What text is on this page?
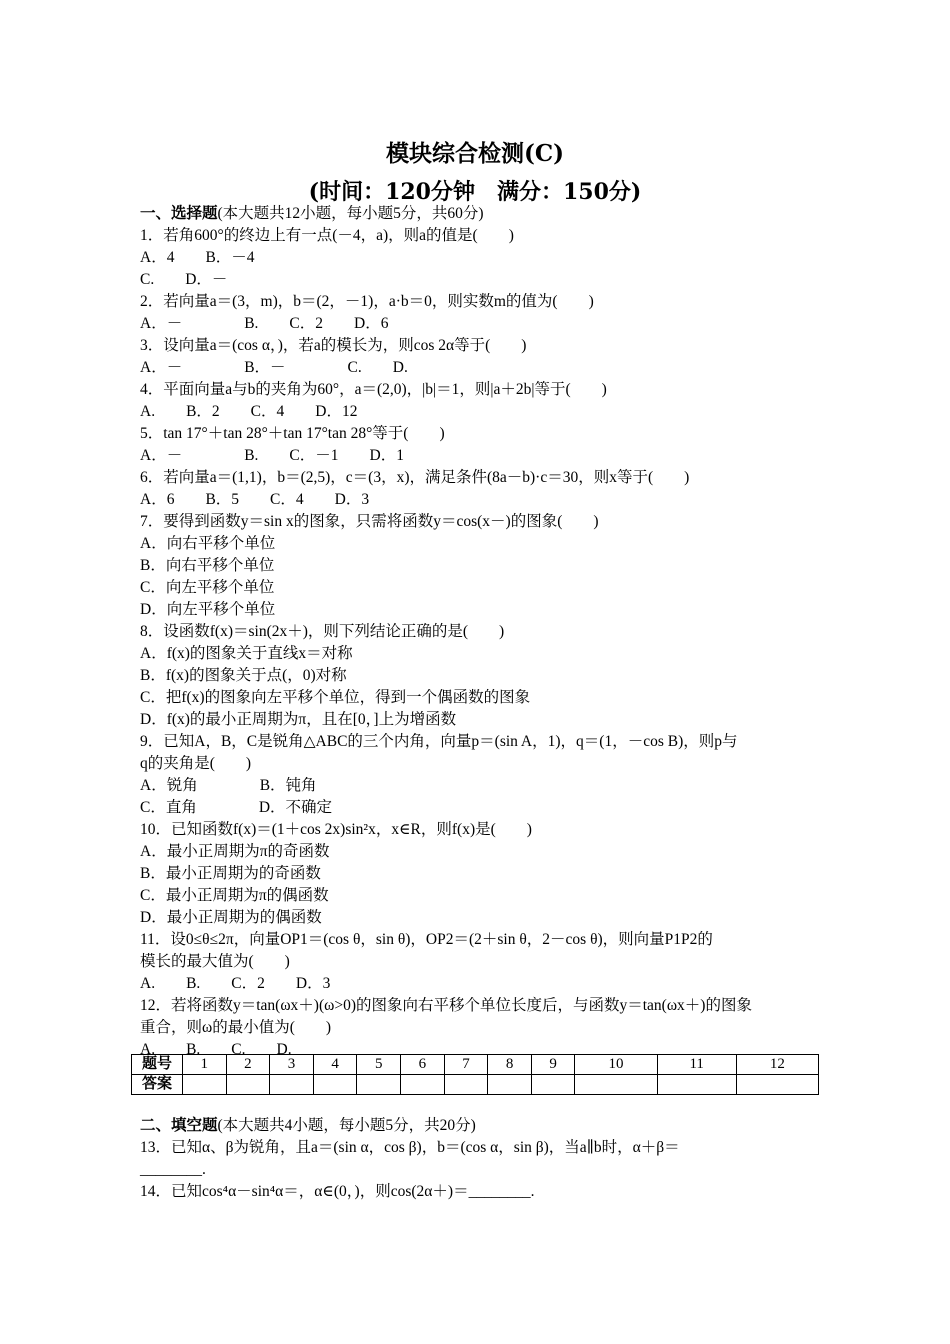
模块综合检测(C)
(时间：120分钟　满分：150分)
一、选择题(本大题共12小题，每小题5分，共60分)
1．若角600°的终边上有一点(－4，a)，则a的值是(　　)
A．4　　B．－4
C.　　D．－
2．若向量a＝(3，m)，b＝(2，－1)，a·b＝0，则实数m的值为(　　)
A．－　　　　B.　　C．2　　D．6
3．设向量a＝(cos α，)，若a的模长为，则cos 2α等于(　　)
A．－　　　　B．－　　　　C.　　D.
4．平面向量a与b的夹角为60°，a＝(2,0)，|b|＝1，则|a＋2b|等于(　　)
A.　　B．2　　C．4　　D．12
5．tan 17°＋tan 28°＋tan 17°tan 28°等于(　　)
A．－　　　　B.　　C．－1　　D．1
6．若向量a＝(1,1)，b＝(2,5)，c＝(3，x)，满足条件(8a－b)·c＝30，则x等于(　　)
A．6　　B．5　　C．4　　D．3
7．要得到函数y＝sin x的图象，只需将函数y＝cos(x－)的图象(　　)
A．向右平移个单位
B．向右平移个单位
C．向左平移个单位
D．向左平移个单位
8．设函数f(x)＝sin(2x＋)，则下列结论正确的是(　　)
A．f(x)的图象关于直线x＝对称
B．f(x)的图象关于点(，0)对称
C．把f(x)的图象向左平移个单位，得到一个偶函数的图象
D．f(x)的最小正周期为π，且在[0，]上为增函数
9．已知A，B，C是锐角△ABC的三个内角，向量p＝(sin A，1)，q＝(1，－cos B)，则p与
q的夹角是(　　)
A．锐角　　　　B．钝角
C．直角　　　　D．不确定
10．已知函数f(x)＝(1＋cos 2x)sin²x，x∈R，则f(x)是(　　)
A．最小正周期为π的奇函数
B．最小正周期为的奇函数
C．最小正周期为π的偶函数
D．最小正周期为的偶函数
11．设0≤θ≤2π，向量OP1＝(cos θ，sin θ)，OP2＝(2＋sin θ，2－cos θ)，则向量P1P2的
模长的最大值为(　　)
A.　　B.　　C．2　　D．3
12．若将函数y＝tan(ωx＋)(ω>0)的图象向右平移个单位长度后，与函数y＝tan(ωx＋)的图象
重合，则ω的最小值为(　　)
A.　　B.　　C.　　D.
题号	1	2	3	4	5	6	7	8	9	10	11	12
答案												
二、填空题(本大题共4小题，每小题5分，共20分)
13．已知α、β为锐角，且a＝(sin α，cos β)，b＝(cos α，sin β)，当a∥b时，α＋β＝
________.
14．已知cos⁴α－sin⁴α＝，α∈(0，)，则cos(2α＋)＝________.
